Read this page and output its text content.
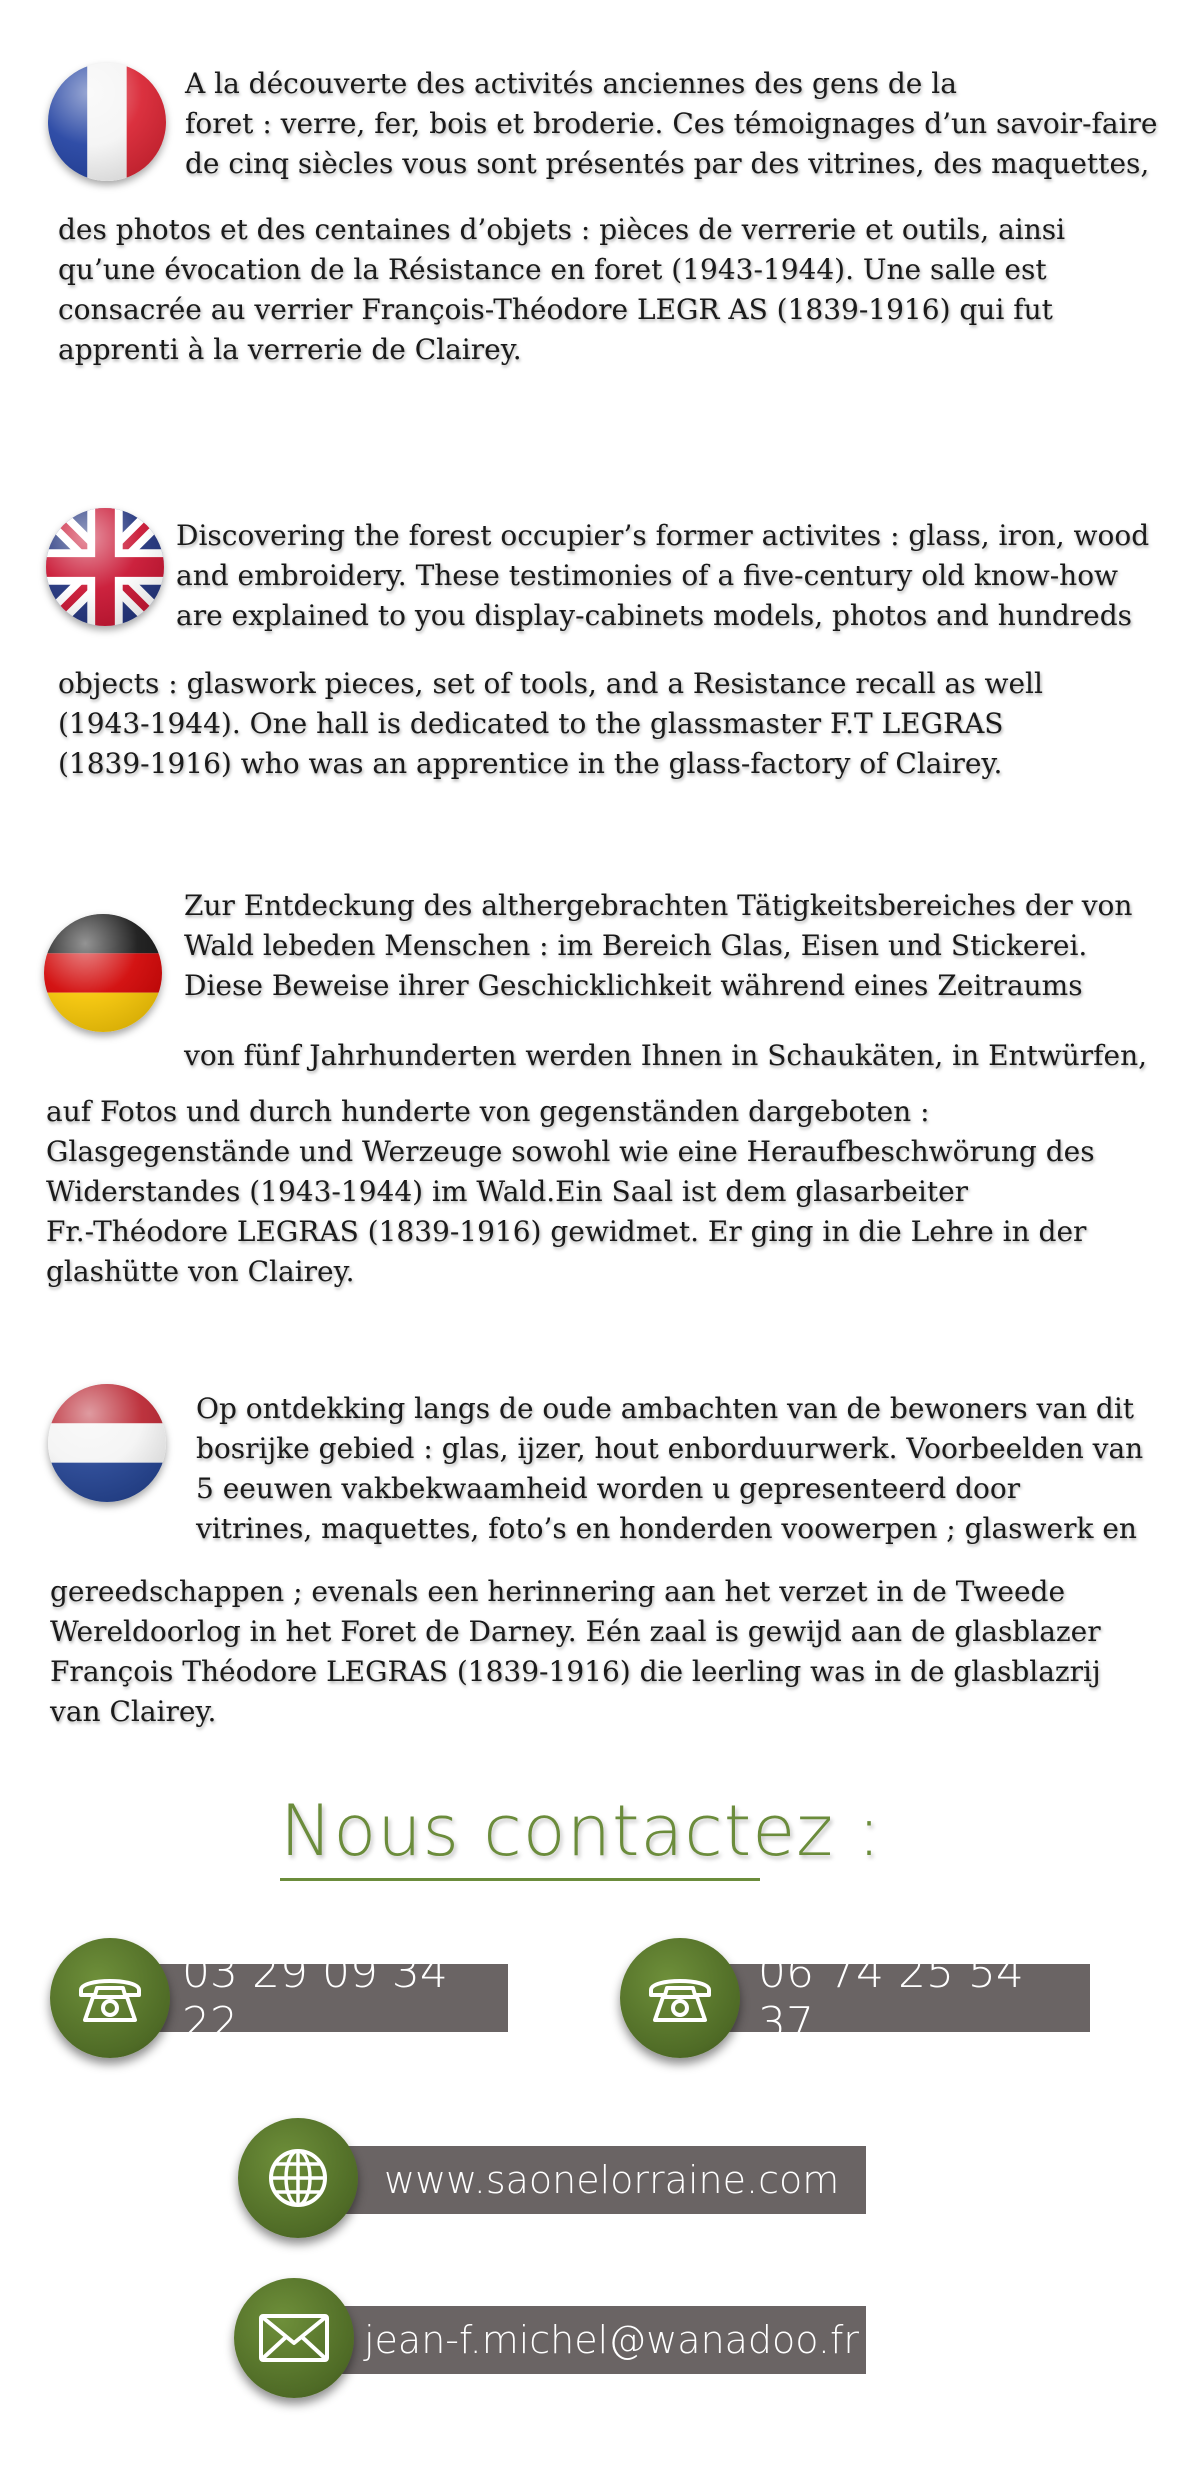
A la découverte des activités anciennes des gens de la
foret : verre, fer, bois et broderie. Ces témoignages d’un savoir-faire
de cinq siècles vous sont présentés par des vitrines, des maquettes,

des photos et des centaines d’objets : pièces de verrerie et outils, ainsi
qu’une évocation de la Résistance en foret (1943-1944). Une salle est
consacrée au verrier François-Théodore LEGR AS (1839-1916) qui fut
apprenti à la verrerie de Clairey.

Discovering the forest occupier’s former activites : glass, iron, wood
and embroidery. These testimonies of a five-century old know-how
are explained to you display-cabinets models, photos and hundreds

objects : glaswork pieces, set of tools, and a Resistance recall as well
(1943-1944). One hall is dedicated to the glassmaster F.T LEGRAS
(1839-1916) who was an apprentice in the glass-factory of Clairey.

Zur Entdeckung des althergebrachten Tätigkeitsbereiches der von
Wald lebeden Menschen : im Bereich Glas, Eisen und Stickerei.
Diese Beweise ihrer Geschicklichkeit während eines Zeitraums

von fünf Jahrhunderten werden Ihnen in Schaukäten, in Entwürfen,

auf Fotos und durch hunderte von gegenständen dargeboten :
Glasgegenstände und Werzeuge sowohl wie eine Heraufbeschwörung des
Widerstandes (1943-1944) im Wald.Ein Saal ist dem glasarbeiter
Fr.-Théodore LEGRAS (1839-1916) gewidmet. Er ging in die Lehre in der
glashütte von Clairey.

Op ontdekking langs de oude ambachten van de bewoners van dit
bosrijke gebied : glas, ijzer, hout enborduurwerk. Voorbeelden van
5 eeuwen vakbekwaamheid worden u gepresenteerd door
vitrines, maquettes, foto’s en honderden voowerpen ; glaswerk en

gereedschappen ; evenals een herinnering aan het verzet in de Tweede
Wereldoorlog in het Foret de Darney. Eén zaal is gewijd aan de glasblazer
François Théodore LEGRAS (1839-1916) die leerling was in de glasblazrij
van Clairey.

Nous contactez :
03 29 09 34 22
06 74 25 54 37
www.saonelorraine.com
jean-f.michel@wanadoo.fr
